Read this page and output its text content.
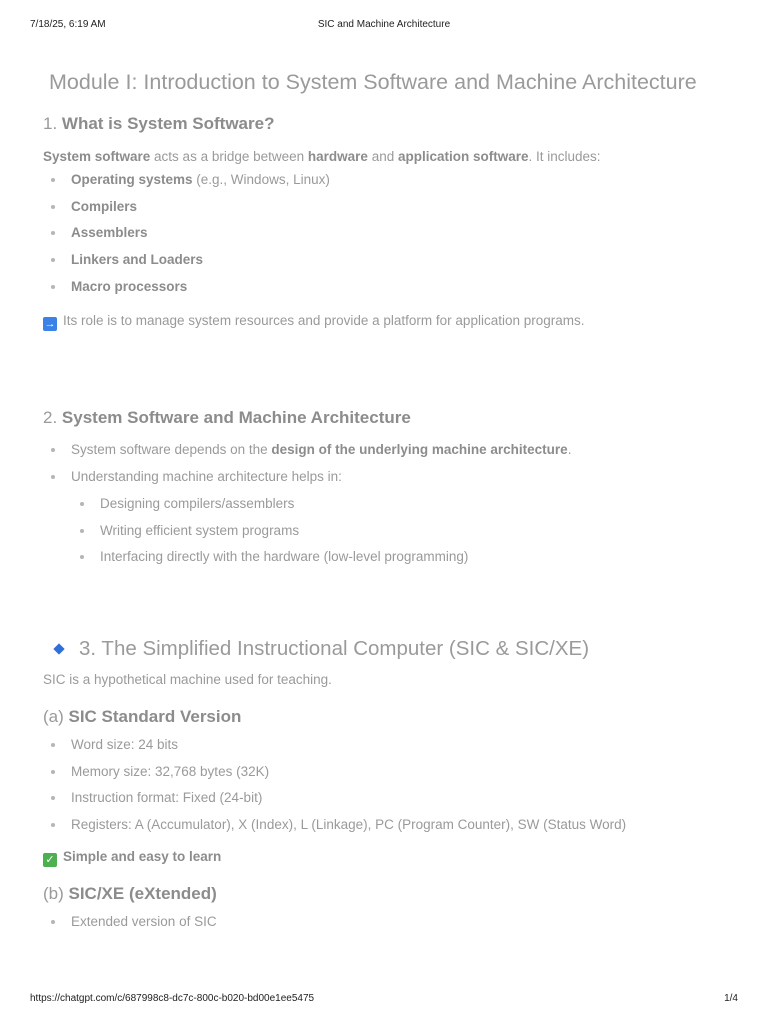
7/18/25, 6:19 AM	SIC and Machine Architecture
Module I: Introduction to System Software and Machine Architecture
1. What is System Software?

System software acts as a bridge between hardware and application software. It includes:

Operating systems (e.g., Windows, Linux)
Compilers
Assemblers
Linkers and Loaders
Macro processors

→ Its role is to manage system resources and provide a platform for application programs.

2. System Software and Machine Architecture
System software depends on the design of the underlying machine architecture.
Understanding machine architecture helps in:
Designing compilers/assemblers
Writing efficient system programs
Interfacing directly with the hardware (low-level programming)
3. The Simplified Instructional Computer (SIC & SIC/XE)

SIC is a hypothetical machine used for teaching.

(a) SIC Standard Version
Word size: 24 bits
Memory size: 32,768 bytes (32K)
Instruction format: Fixed (24-bit)
Registers: A (Accumulator), X (Index), L (Linkage), PC (Program Counter), SW (Status Word)

✓ Simple and easy to learn

(b) SIC/XE (eXtended)
Extended version of SIC
https://chatgpt.com/c/687998c8-dc7c-800c-b020-bd00e1ee5475	1/4
